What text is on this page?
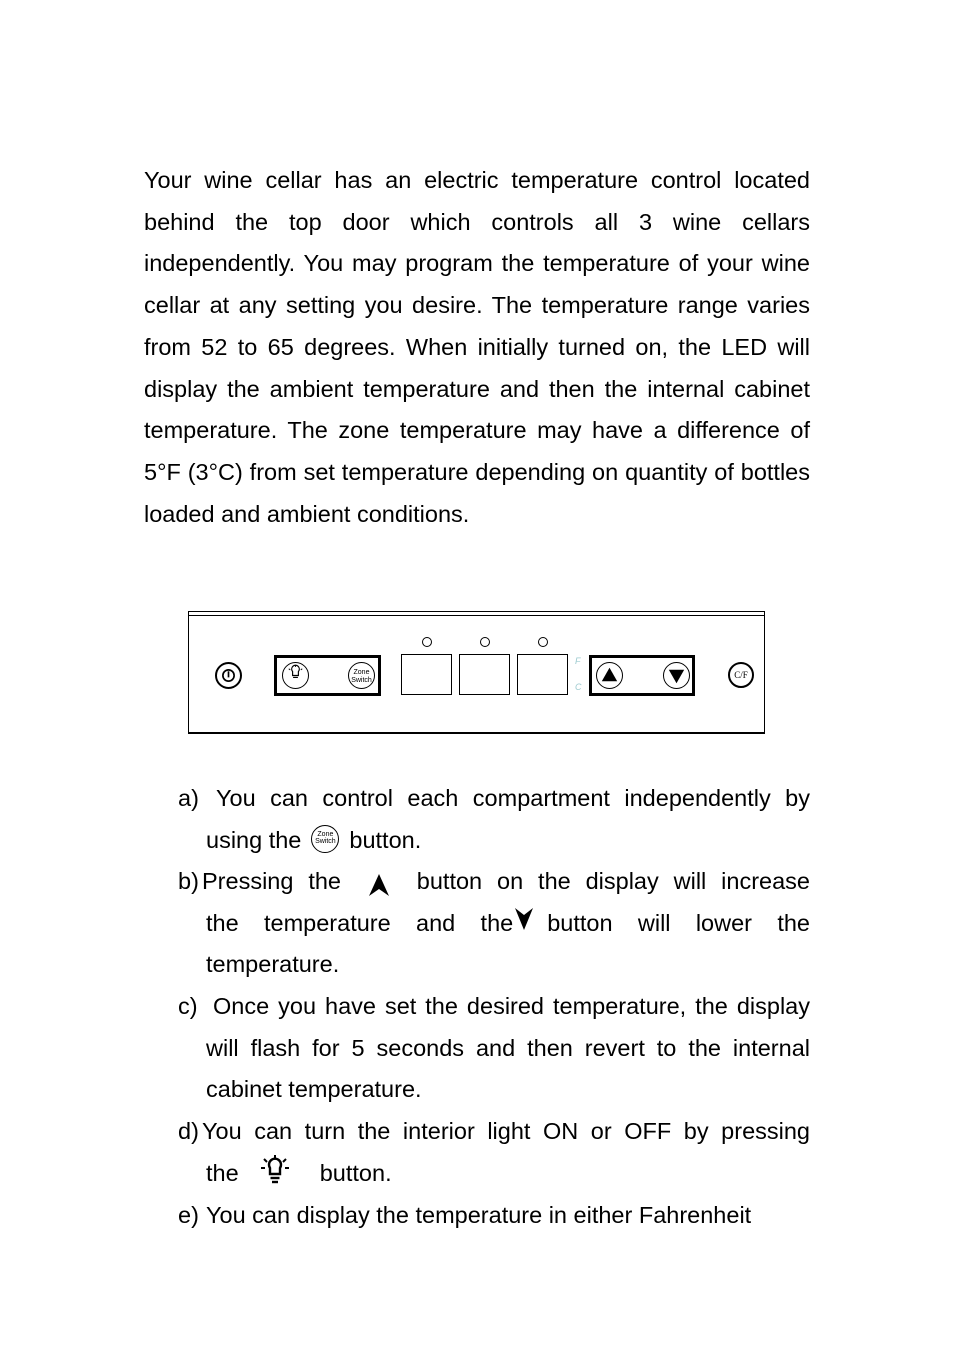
Your wine cellar has an electric temperature control located behind the top door which controls all 3 wine cellars independently. You may program the temperature of your wine cellar at any setting you desire. The temperature range varies from 52 to 65 degrees. When initially turned on, the LED will display the ambient temperature and then the internal cabinet temperature. The zone temperature may have a difference of 5°F (3°C) from set temperature depending on quantity of bottles loaded and ambient conditions.

Zone
Switch
F
C
C/F
a) You can control each compartment independently by
using the	Zone
Switch button.
b) Pressing the	button on the display will increase
the temperature and the button will lower the
temperature.
c) Once you have set the desired temperature, the display will flash for 5 seconds and then revert to the internal cabinet temperature.
d) You can turn the interior light ON or OFF by pressing
the	button.
e) You can display the temperature in either Fahrenheit
